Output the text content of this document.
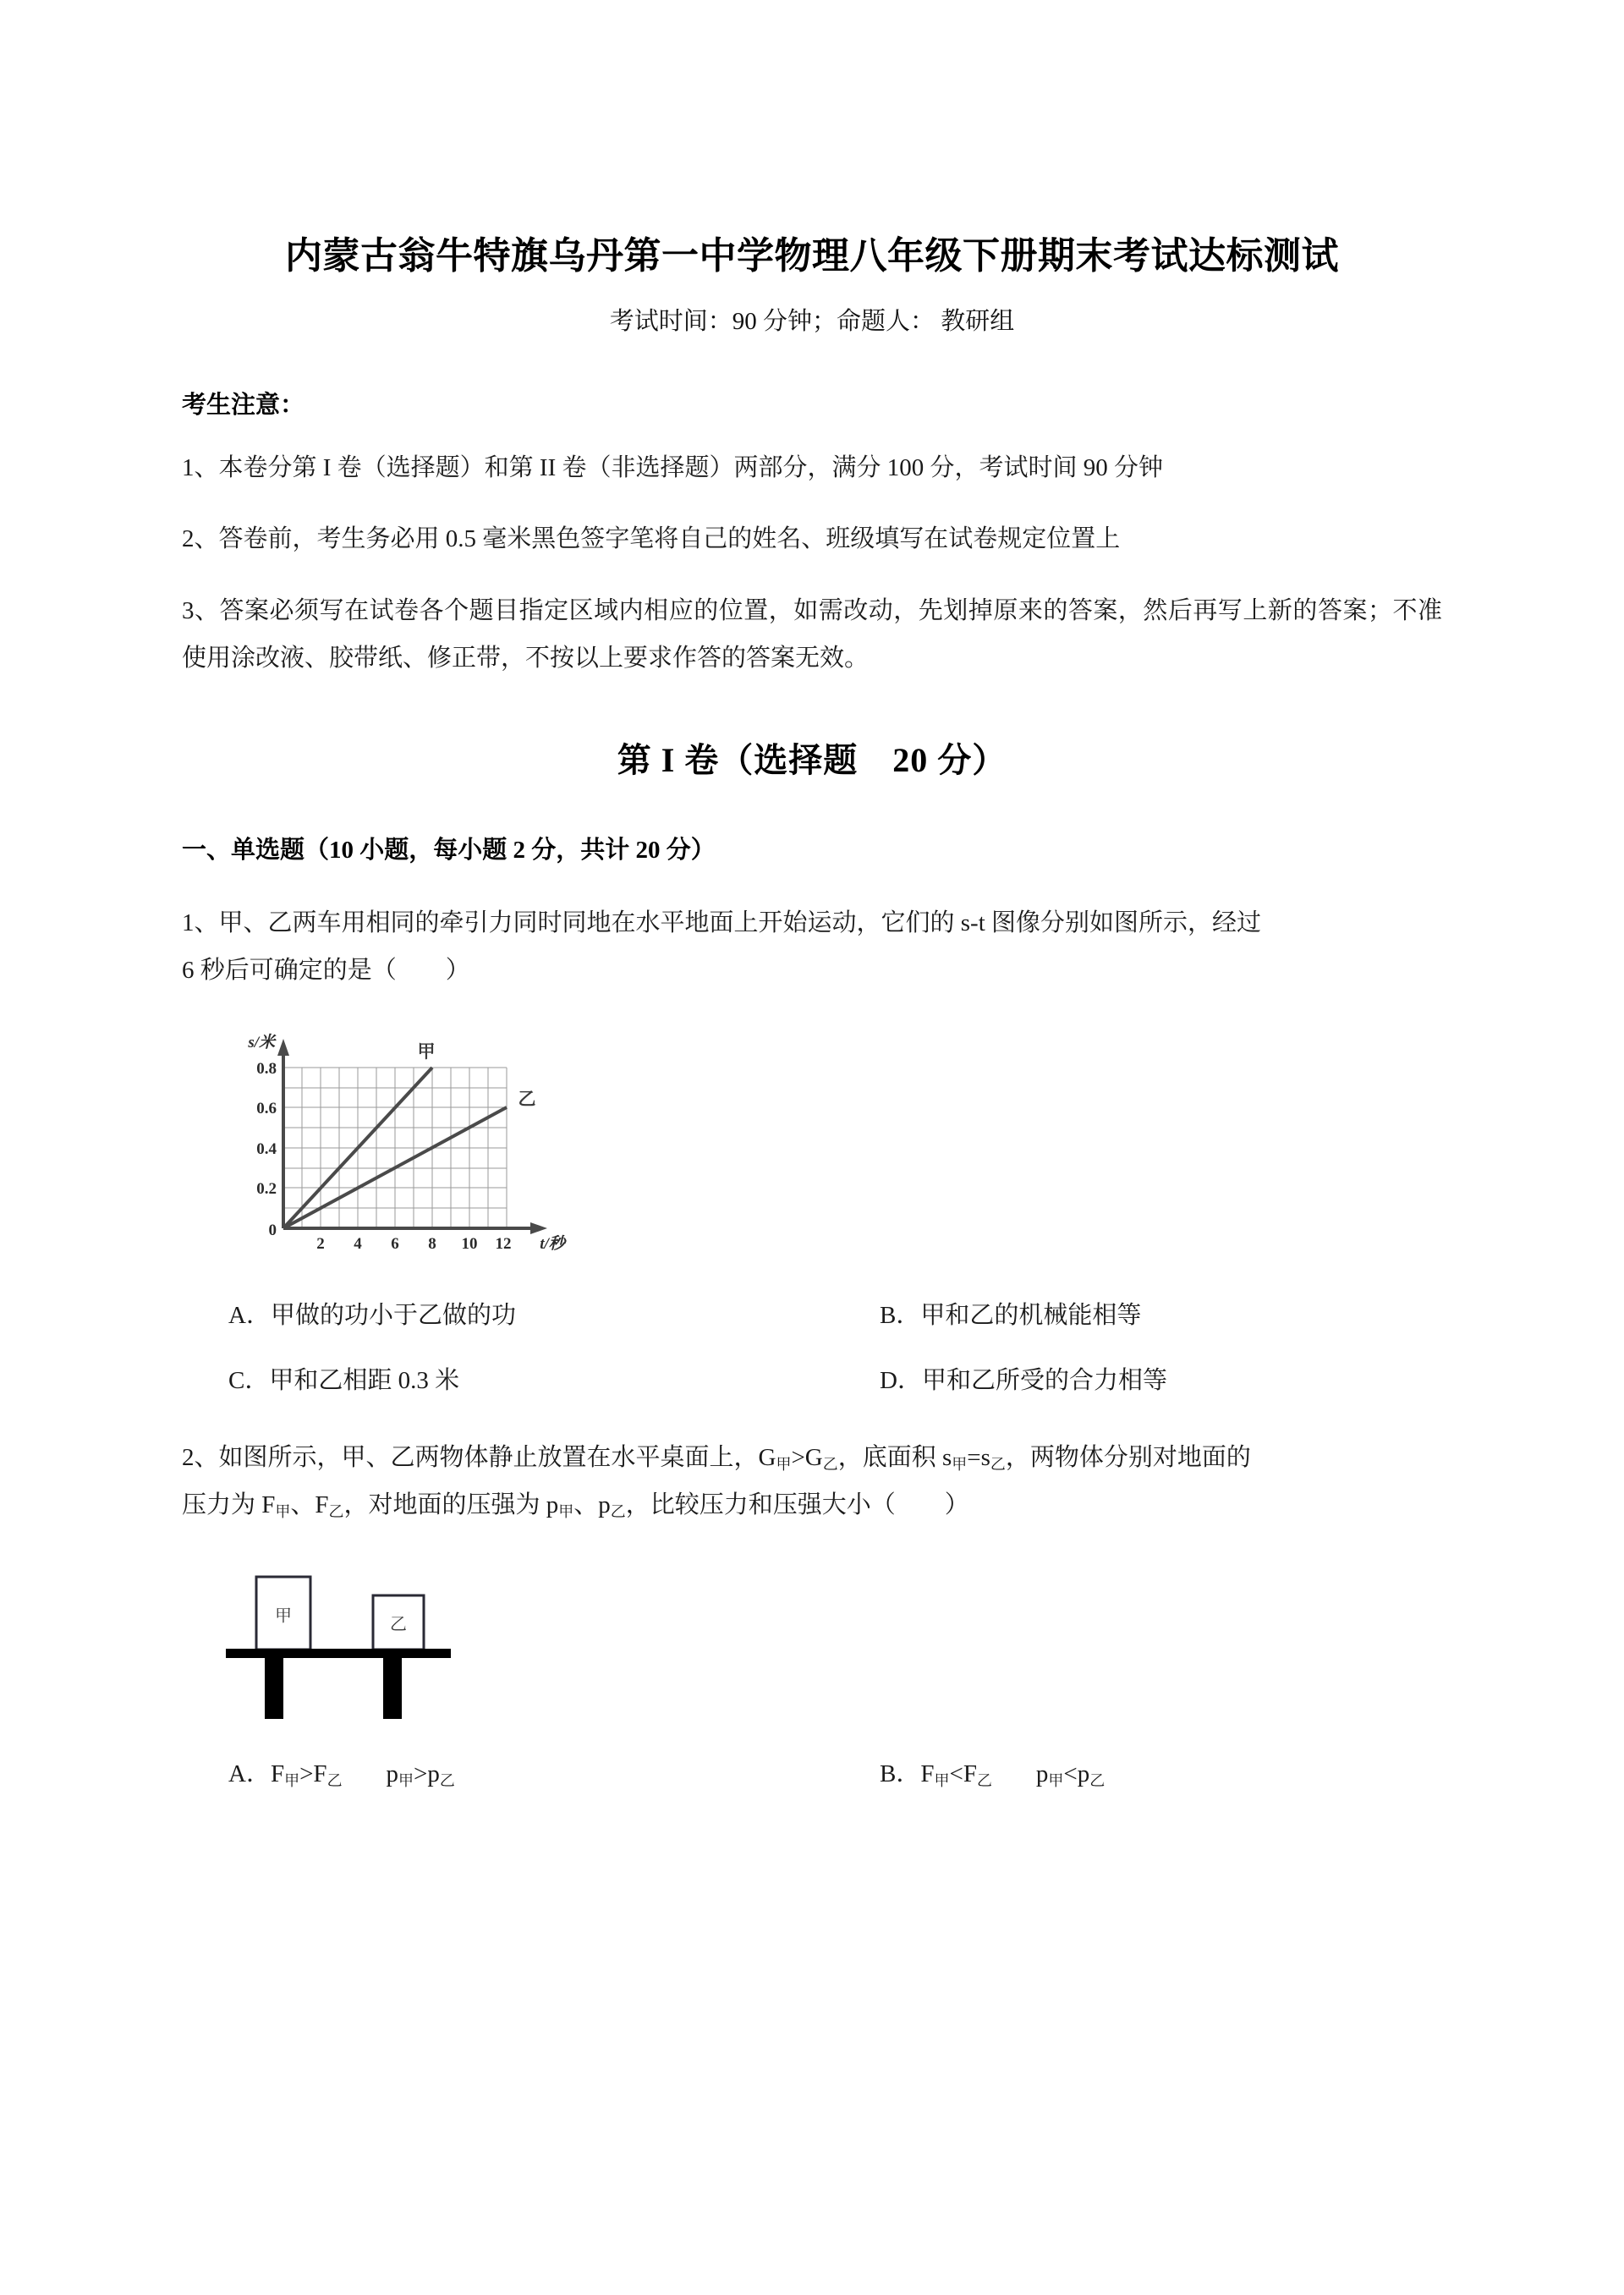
内蒙古翁牛特旗乌丹第一中学物理八年级下册期末考试达标测试

考试时间：90 分钟；命题人： 教研组

考生注意：

1、本卷分第 I 卷（选择题）和第 II 卷（非选择题）两部分，满分 100 分，考试时间 90 分钟

2、答卷前，考生务必用 0.5 毫米黑色签字笔将自己的姓名、班级填写在试卷规定位置上

3、答案必须写在试卷各个题目指定区域内相应的位置，如需改动，先划掉原来的答案，然后再写上新的答案；不准使用涂改液、胶带纸、修正带，不按以上要求作答的答案无效。

第 I 卷（选择题　20 分）

一、单选题（10 小题，每小题 2 分，共计 20 分）

1、甲、乙两车用相同的牵引力同时同地在水平地面上开始运动，它们的 s-t 图像分别如图所示，经过

6 秒后可确定的是（　　）

甲
乙
s/米
t/秒
0.8
0.6
0.4
0.2
0
2 4 6 8 10 12
A．甲做的功小于乙做的功	B．甲和乙的机械能相等
C．甲和乙相距 0.3 米	D．甲和乙所受的合力相等

2、如图所示，甲、乙两物体静止放置在水平桌面上，$G_甲>G_乙$，底面积 $s_甲=s_乙$，两物体分别对地面的

压力为 $F_甲$、$F_乙$，对地面的压强为 $p_甲$、$p_乙$，比较压力和压强大小（　　）

甲	乙
A．$F_甲>F_乙$ $p_甲>p_乙$	B．$F_甲<F_乙$ $p_甲<p_乙$
